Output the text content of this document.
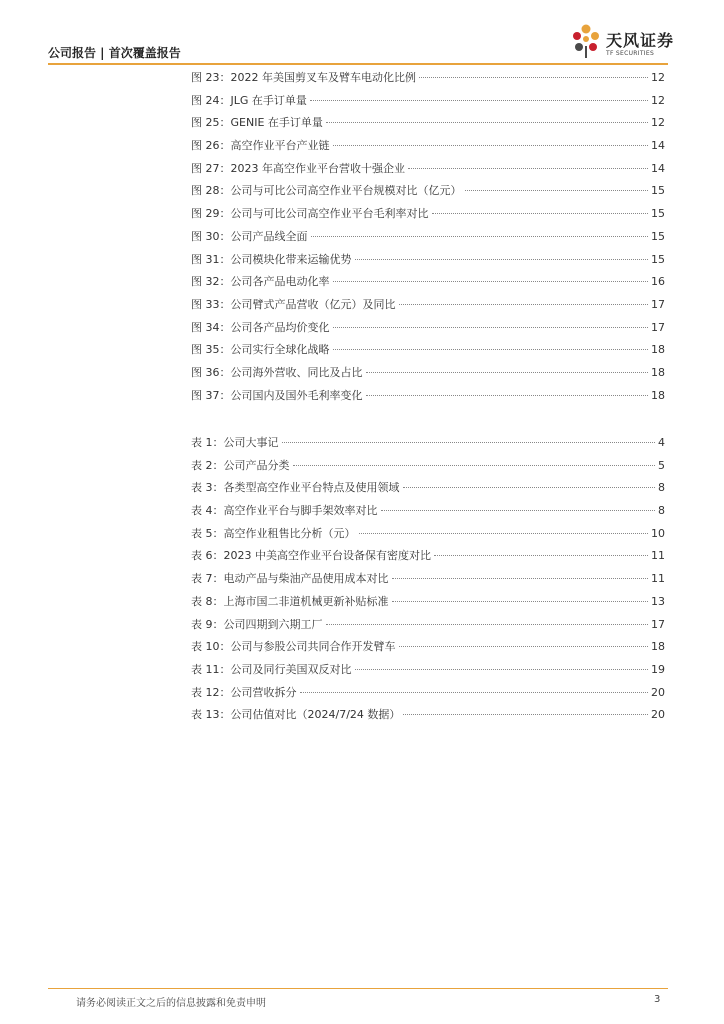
公司报告 | 首次覆盖报告
天风证券
TF SECURITIES
图 23：2022 年美国剪叉车及臂车电动化比例	12
图 24：JLG 在手订单量	12
图 25：GENIE 在手订单量	12
图 26：高空作业平台产业链	14
图 27：2023 年高空作业平台营收十强企业	14
图 28：公司与可比公司高空作业平台规模对比（亿元）	15
图 29：公司与可比公司高空作业平台毛利率对比	15
图 30：公司产品线全面	15
图 31：公司模块化带来运输优势	15
图 32：公司各产品电动化率	16
图 33：公司臂式产品营收（亿元）及同比	17
图 34：公司各产品均价变化	17
图 35：公司实行全球化战略	18
图 36：公司海外营收、同比及占比	18
图 37：公司国内及国外毛利率变化	18
表 1：公司大事记	4
表 2：公司产品分类	5
表 3：各类型高空作业平台特点及使用领域	8
表 4：高空作业平台与脚手架效率对比	8
表 5：高空作业租售比分析（元）	10
表 6：2023 中美高空作业平台设备保有密度对比	11
表 7：电动产品与柴油产品使用成本对比	11
表 8：上海市国二非道机械更新补贴标准	13
表 9：公司四期到六期工厂	17
表 10：公司与参股公司共同合作开发臂车	18
表 11：公司及同行美国双反对比	19
表 12：公司营收拆分	20
表 13：公司估值对比（2024/7/24 数据）	20
请务必阅读正文之后的信息披露和免责申明	3
